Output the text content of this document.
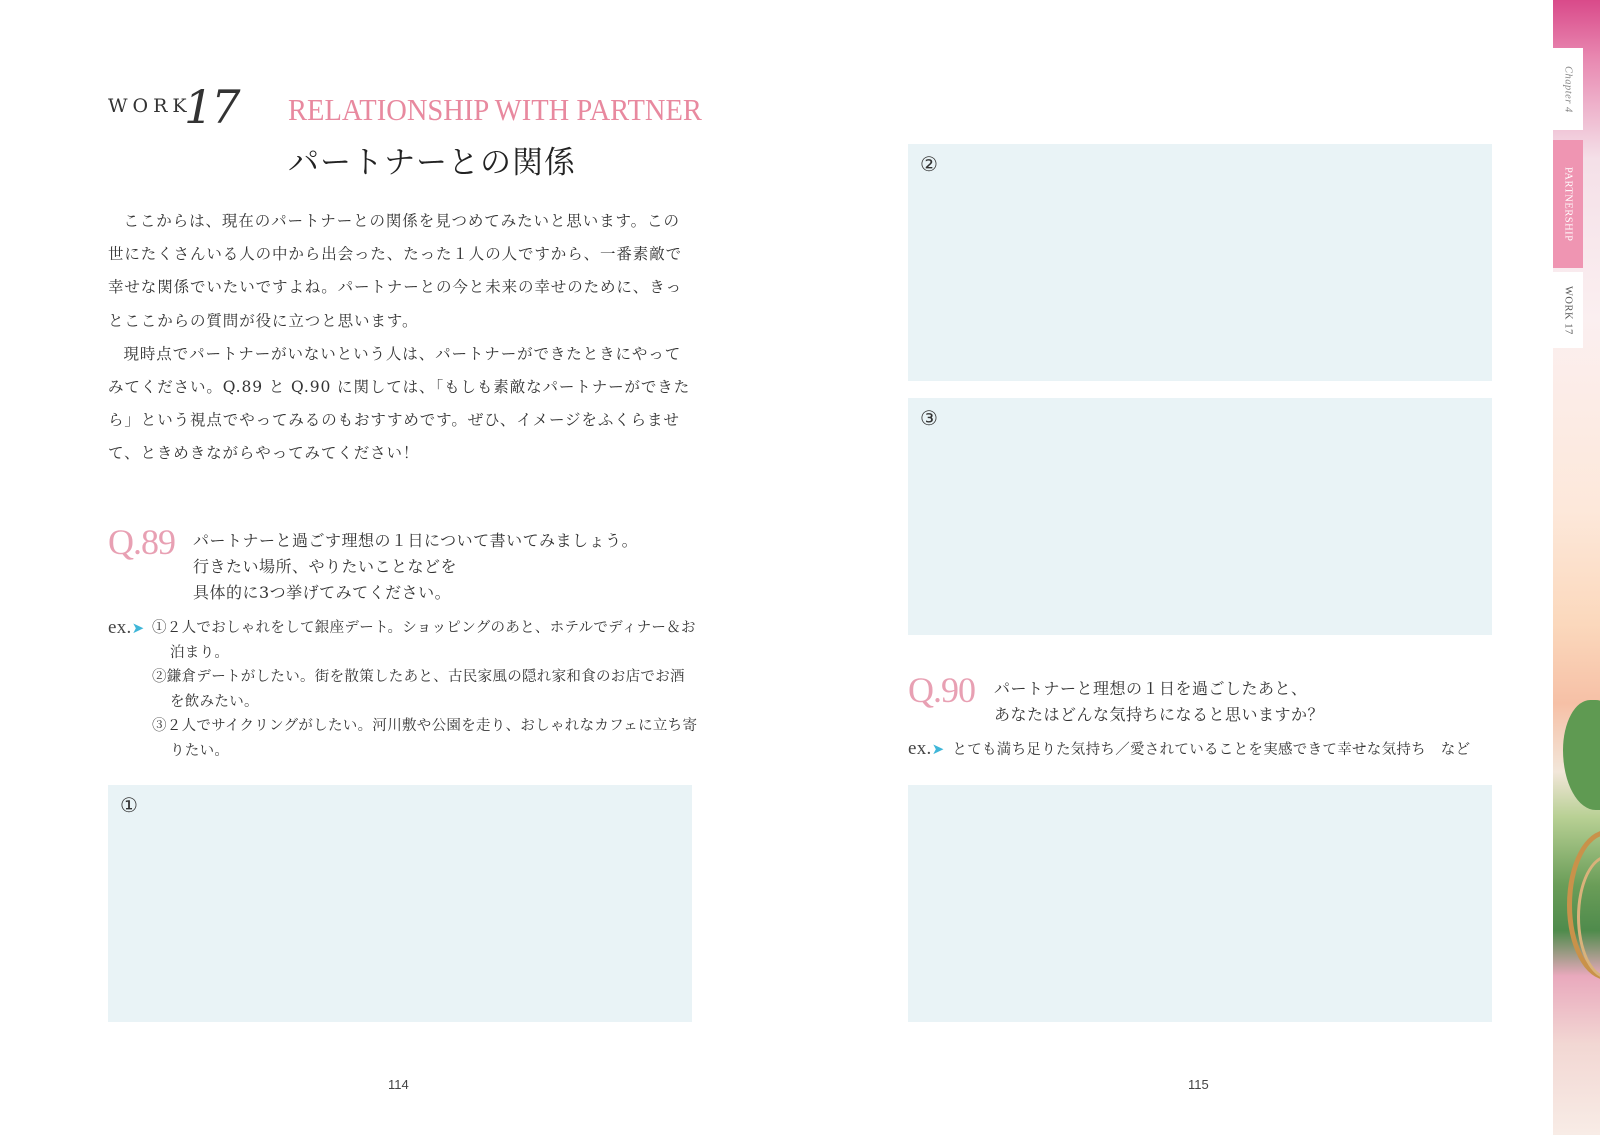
WORK
17 RELATIONSHIP WITH PARTNER
パートナーとの関係

ここからは、現在のパートナーとの関係を見つめてみたいと思います。この世にたくさんいる人の中から出会った、たった１人の人ですから、一番素敵で幸せな関係でいたいですよね。パートナーとの今と未来の幸せのために、きっとここからの質問が役に立つと思います。

現時点でパートナーがいないという人は、パートナーができたときにやってみてください。Q.89 と Q.90 に関しては、「もしも素敵なパートナーができたら」という視点でやってみるのもおすすめです。ぜひ、イメージをふくらませて、ときめきながらやってみてください！

Q.89 パートナーと過ごす理想の１日について書いてみましょう。
行きたい場所、やりたいことなどを
具体的に3つ挙げてみてください。
ex.➤ ①２人でおしゃれをして銀座デート。ショッピングのあと、ホテルでディナー＆お泊まり。
②鎌倉デートがしたい。街を散策したあと、古民家風の隠れ家和食のお店でお酒を飲みたい。
③２人でサイクリングがしたい。河川敷や公園を走り、おしゃれなカフェに立ち寄りたい。
①
②
③
Q.90 パートナーと理想の１日を過ごしたあと、
あなたはどんな気持ちになると思いますか？
ex.➤ とても満ち足りた気持ち／愛されていることを実感できて幸せな気持ち　など
114	115
Chapter 4
PARTNERSHIP
WORK 17
